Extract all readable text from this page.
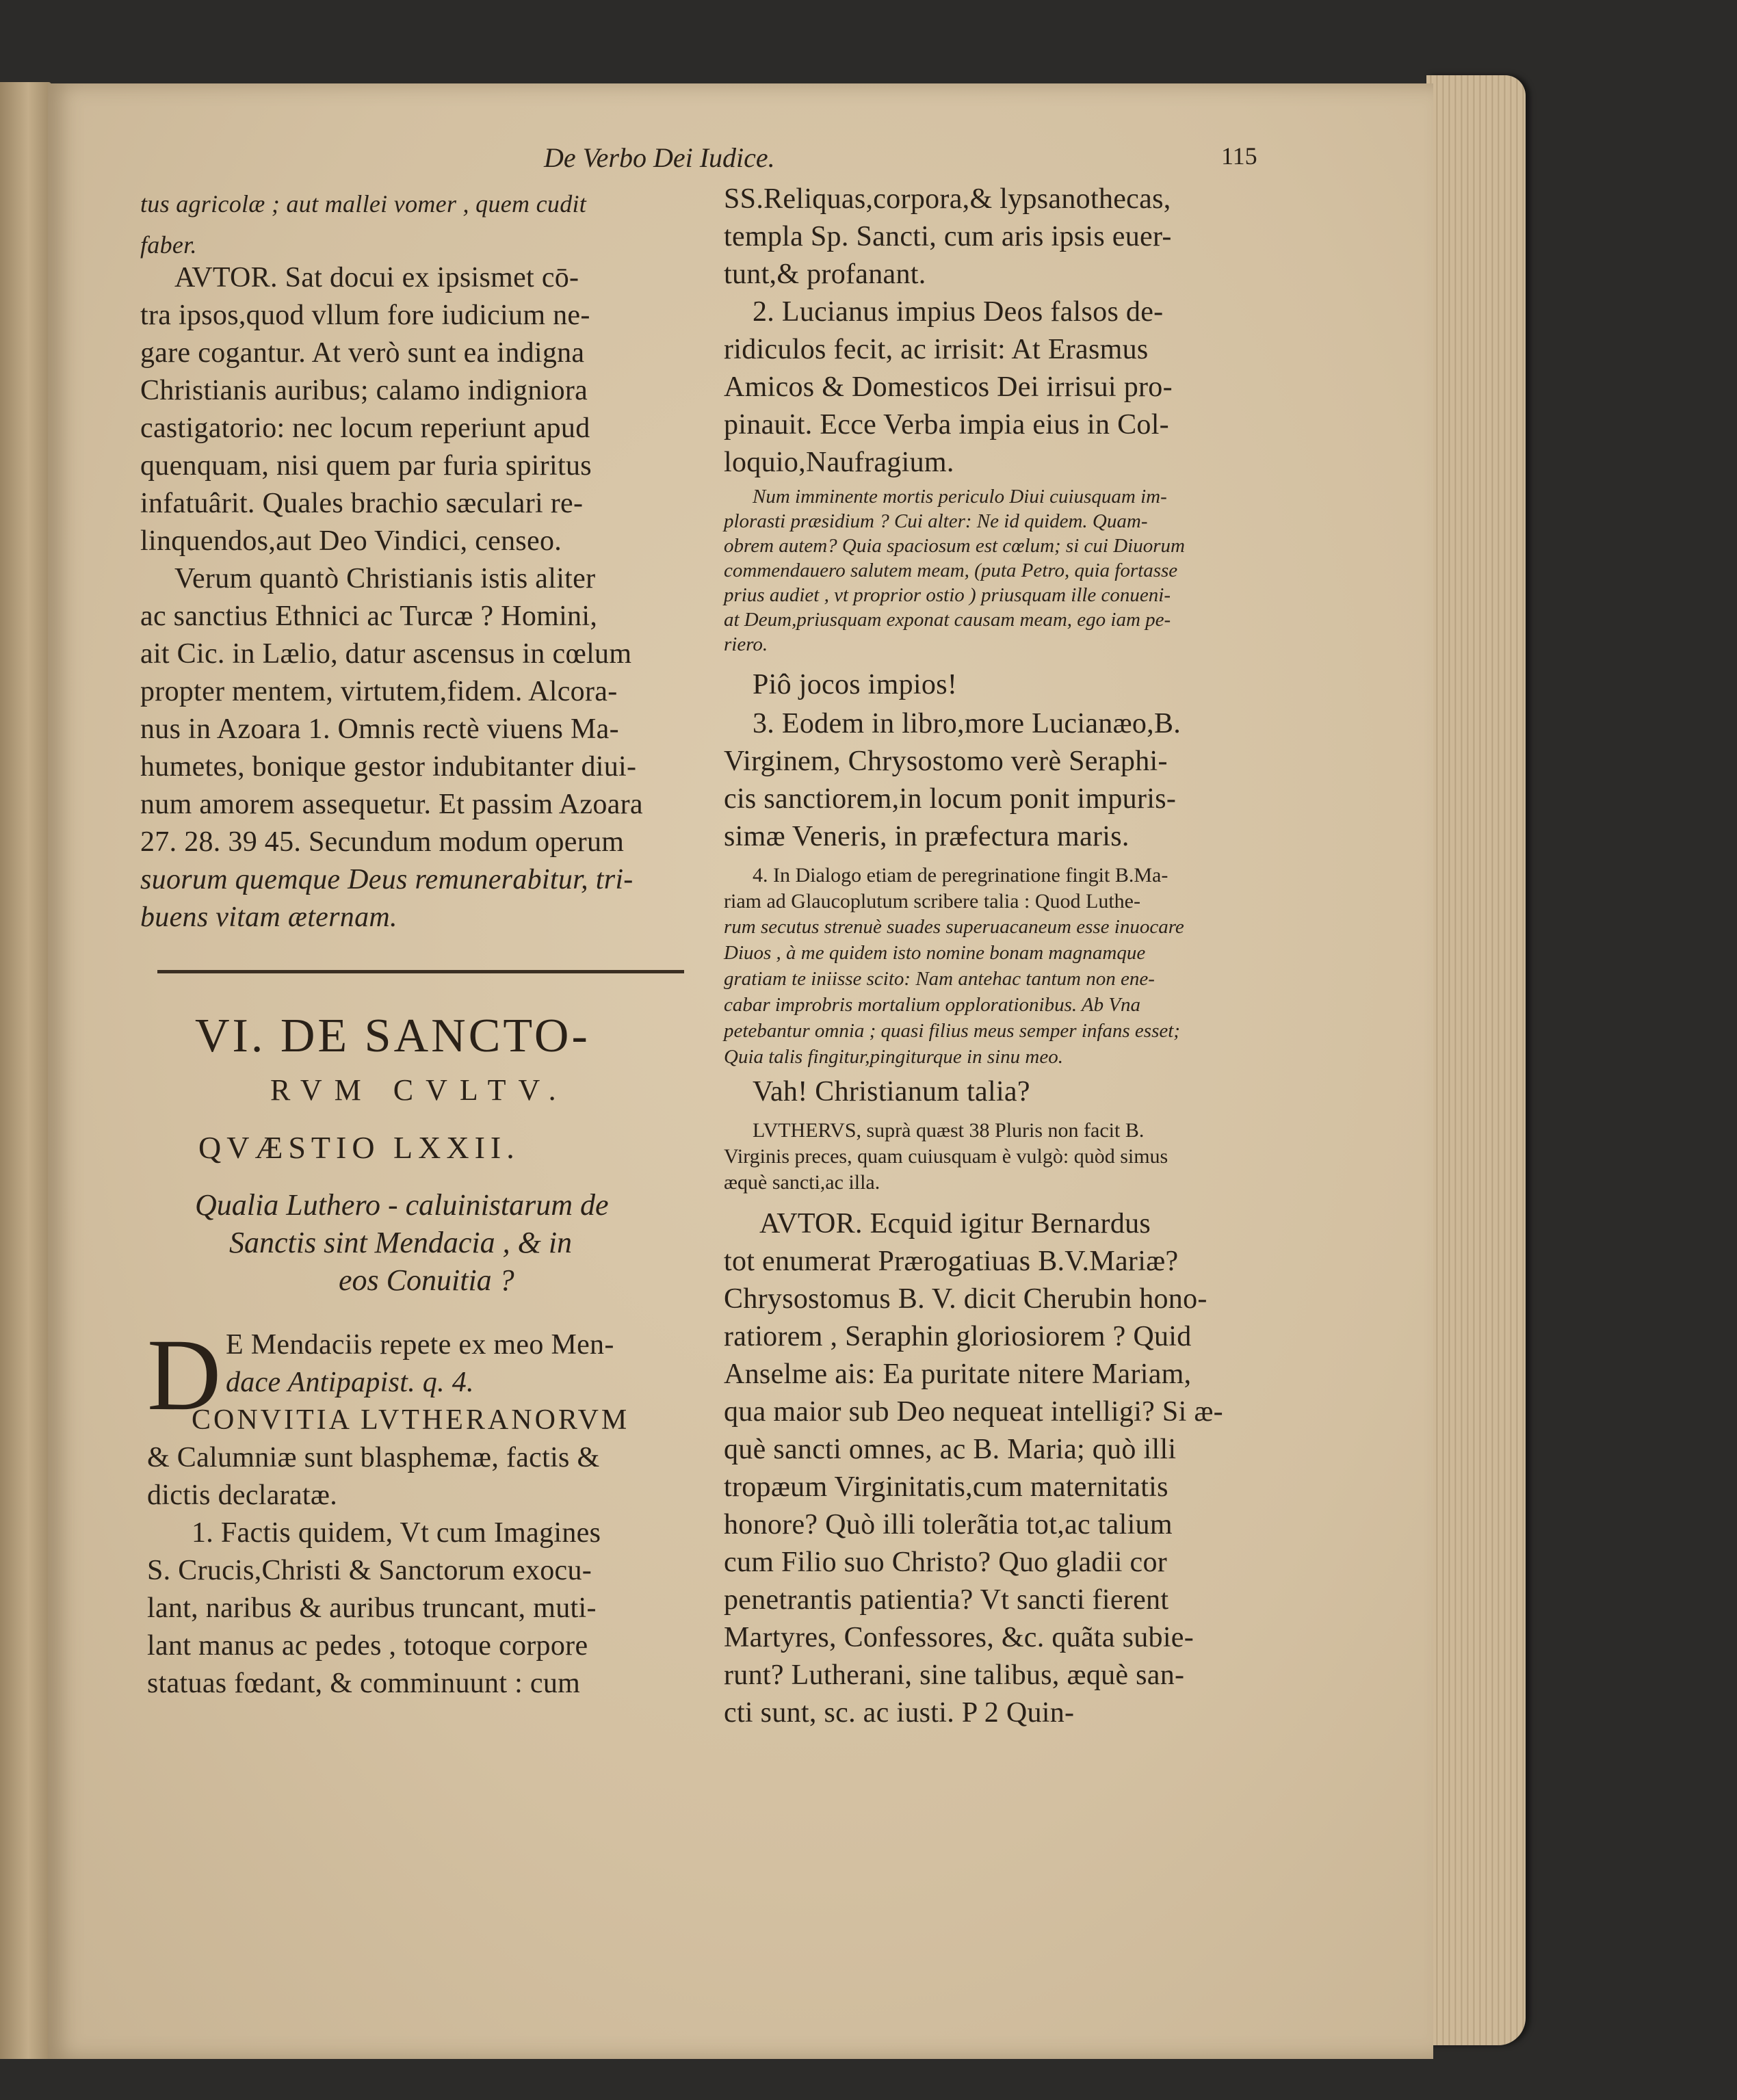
De Verbo Dei Iudice.	115
tus agricolæ ; aut mallei vomer , quem cudit
faber.
AVTOR. Sat docui ex ipsismet cō-
tra ipsos,quod vllum fore iudicium ne-
gare cogantur. At verò sunt ea indigna
Christianis auribus; calamo indigniora
castigatorio: nec locum reperiunt apud
quenquam, nisi quem par furia spiritus
infatuârit. Quales brachio sæculari re-
linquendos,aut Deo Vindici, censeo.
Verum quantò Christianis istis aliter
ac sanctius Ethnici ac Turcæ ? Homini,
ait Cic. in Lælio, datur ascensus in cœlum
propter mentem, virtutem,fidem. Alcora-
nus in Azoara 1. Omnis rectè viuens Ma-
humetes, bonique gestor indubitanter diui-
num amorem assequetur. Et passim Azoara
27. 28. 39 45. Secundum modum operum
suorum quemque Deus remunerabitur, tri-
buens vitam æternam.
VI. DE SANCTO-
RVM CVLTV.
QVÆSTIO LXXII.
Qualia Luthero - caluinistarum de
Sanctis sint Mendacia , & in
eos Conuitia ?
D E Mendaciis repete ex meo Men-
dace Antipapist. q. 4.
CONVITIA LVTHERANORVM
& Calumniæ sunt blasphemæ, factis &
dictis declaratæ.
1. Factis quidem, Vt cum Imagines
S. Crucis,Christi & Sanctorum exocu-
lant, naribus & auribus truncant, muti-
lant manus ac pedes , totoque corpore
statuas fœdant, & comminuunt : cum
SS.Reliquas,corpora,& lypsanothecas,
templa Sp. Sancti, cum aris ipsis euer-
tunt,& profanant.
2. Lucianus impius Deos falsos de-
ridiculos fecit, ac irrisit: At Erasmus
Amicos & Domesticos Dei irrisui pro-
pinauit. Ecce Verba impia eius in Col-
loquio,Naufragium.
Num imminente mortis periculo Diui cuiusquam im-
plorasti præsidium ? Cui alter: Ne id quidem. Quam-
obrem autem? Quia spaciosum est cœlum; si cui Diuorum
commendauero salutem meam, (puta Petro, quia fortasse
prius audiet , vt proprior ostio ) priusquam ille conueni-
at Deum,priusquam exponat causam meam, ego iam pe-
riero.
Piô jocos impios!
3. Eodem in libro,more Lucianæo,B.
Virginem, Chrysostomo verè Seraphi-
cis sanctiorem,in locum ponit impuris-
simæ Veneris, in præfectura maris.
4. In Dialogo etiam de peregrinatione fingit B.Ma-
riam ad Glaucoplutum scribere talia : Quod Luthe-
rum secutus strenuè suades superuacaneum esse inuocare
Diuos , à me quidem isto nomine bonam magnamque
gratiam te iniisse scito: Nam antehac tantum non ene-
cabar improbris mortalium opplorationibus. Ab Vna
petebantur omnia ; quasi filius meus semper infans esset;
Quia talis fingitur,pingiturque in sinu meo.
Vah! Christianum talia?
LVTHERVS, suprà quæst 38 Pluris non facit B.
Virginis preces, quam cuiusquam è vulgò: quòd simus
æquè sancti,ac illa.
AVTOR. Ecquid igitur Bernardus
tot enumerat Prærogatiuas B.V.Mariæ?
Chrysostomus B. V. dicit Cherubin hono-
ratiorem , Seraphin gloriosiorem ? Quid
Anselme ais: Ea puritate nitere Mariam,
qua maior sub Deo nequeat intelligi? Si æ-
què sancti omnes, ac B. Maria; quò illi
tropæum Virginitatis,cum maternitatis
honore? Quò illi tolerãtia tot,ac talium
cum Filio suo Christo? Quo gladii cor
penetrantis patientia? Vt sancti fierent
Martyres, Confessores, &c. quãta subie-
runt? Lutherani, sine talibus, æquè san-
cti sunt, sc. ac iusti. P 2 Quin-
